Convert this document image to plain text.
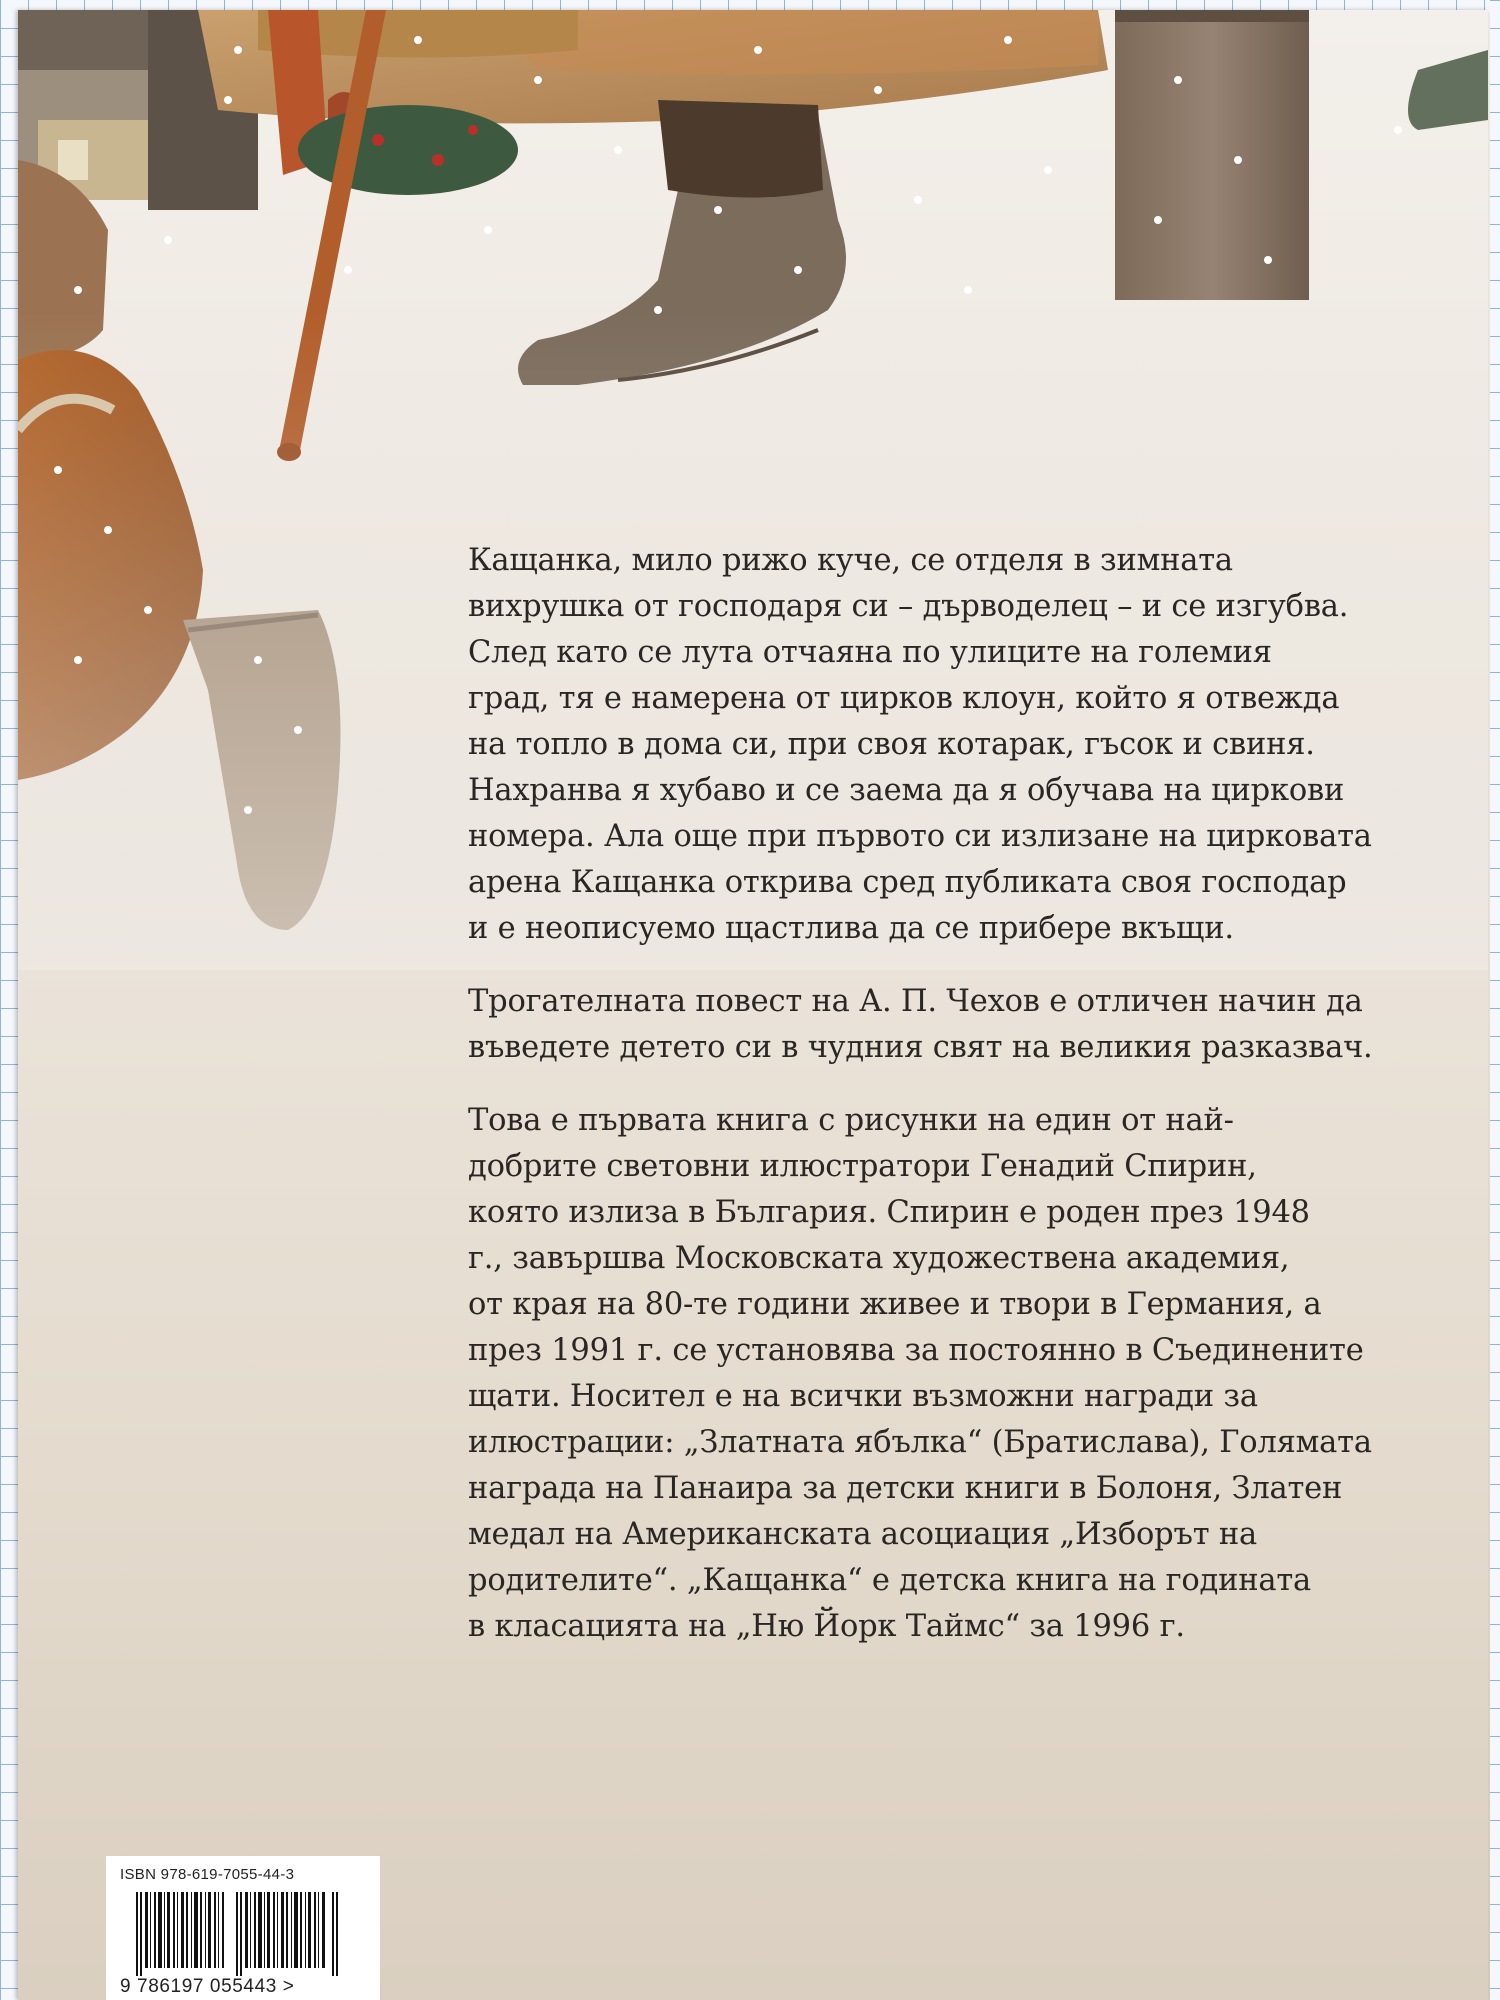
Кащанка, мило рижо куче, се отделя в зимната
вихрушка от господаря си – дърводелец – и се изгубва.
След като се лута отчаяна по улиците на големия
град, тя е намерена от цирков клоун, който я отвежда
на топло в дома си, при своя котарак, гъсок и свиня.
Нахранва я хубаво и се заема да я обучава на циркови
номера. Ала още при първото си излизане на цирковата
арена Кащанка открива сред публиката своя господар
и е неописуемо щастлива да се прибере вкъщи.

Трогателната повест на А. П. Чехов е отличен начин да
въведете детето си в чудния свят на великия разказвач.

Това е първата книга с рисунки на един от най-
добрите световни илюстратори Генадий Спирин,
която излиза в България. Спирин е роден през 1948
г., завършва Московската художествена академия,
от края на 80-те години живее и твори в Германия, а
през 1991 г. се установява за постоянно в Съединените
щати. Носител е на всички възможни награди за
илюстрации: „Златната ябълка“ (Братислава), Голямата
награда на Панаира за детски книги в Болоня, Златен
медал на Американската асоциация „Изборът на
родителите“. „Кащанка“ е детска книга на годината
в класацията на „Ню Йорк Таймс“ за 1996 г.

ISBN 978-619-7055-44-3
9 786197 055443 >
